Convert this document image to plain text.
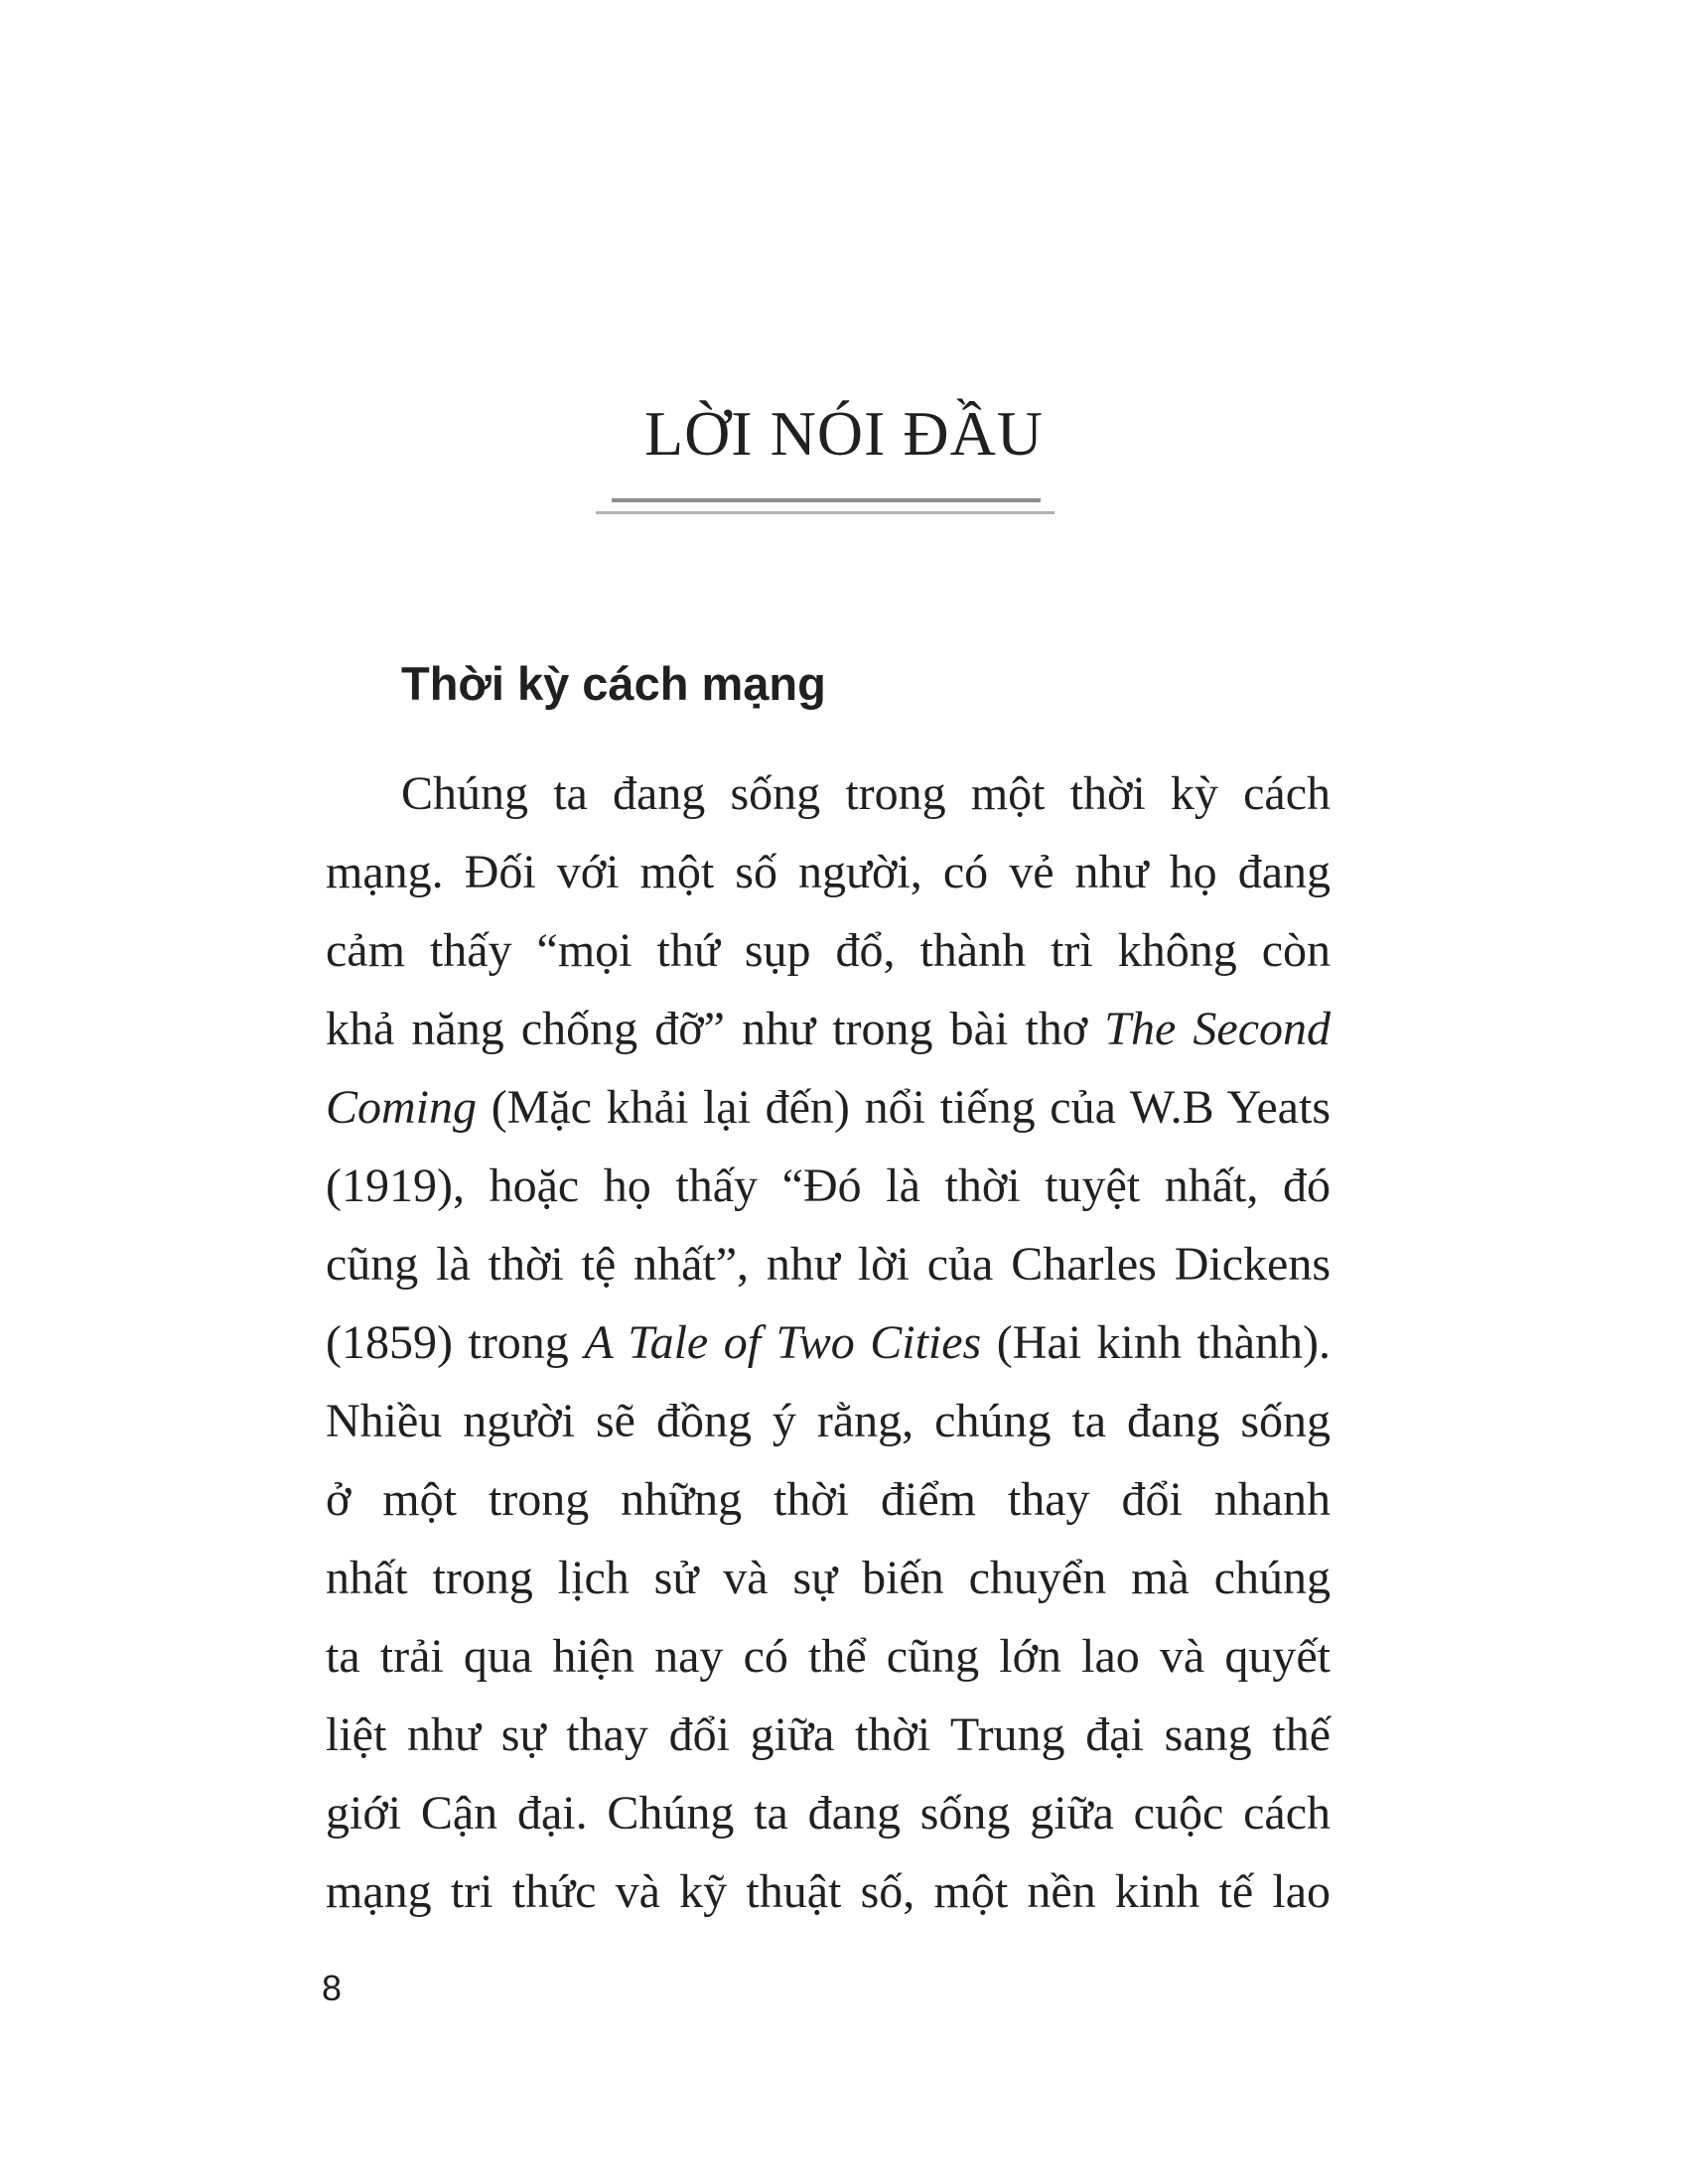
LỜI NÓI ĐẦU
Thời kỳ cách mạng
Chúng ta đang sống trong một thời kỳ cách
mạng. Đối với một số người, có vẻ như họ đang
cảm thấy “mọi thứ sụp đổ, thành trì không còn
khả năng chống đỡ” như trong bài thơ The Second
Coming (Mặc khải lại đến) nổi tiếng của W.B Yeats
(1919), hoặc họ thấy “Đó là thời tuyệt nhất, đó
cũng là thời tệ nhất”, như lời của Charles Dickens
(1859) trong A Tale of Two Cities (Hai kinh thành).
Nhiều người sẽ đồng ý rằng, chúng ta đang sống
ở một trong những thời điểm thay đổi nhanh
nhất trong lịch sử và sự biến chuyển mà chúng
ta trải qua hiện nay có thể cũng lớn lao và quyết
liệt như sự thay đổi giữa thời Trung đại sang thế
giới Cận đại. Chúng ta đang sống giữa cuộc cách
mạng tri thức và kỹ thuật số, một nền kinh tế lao
8
